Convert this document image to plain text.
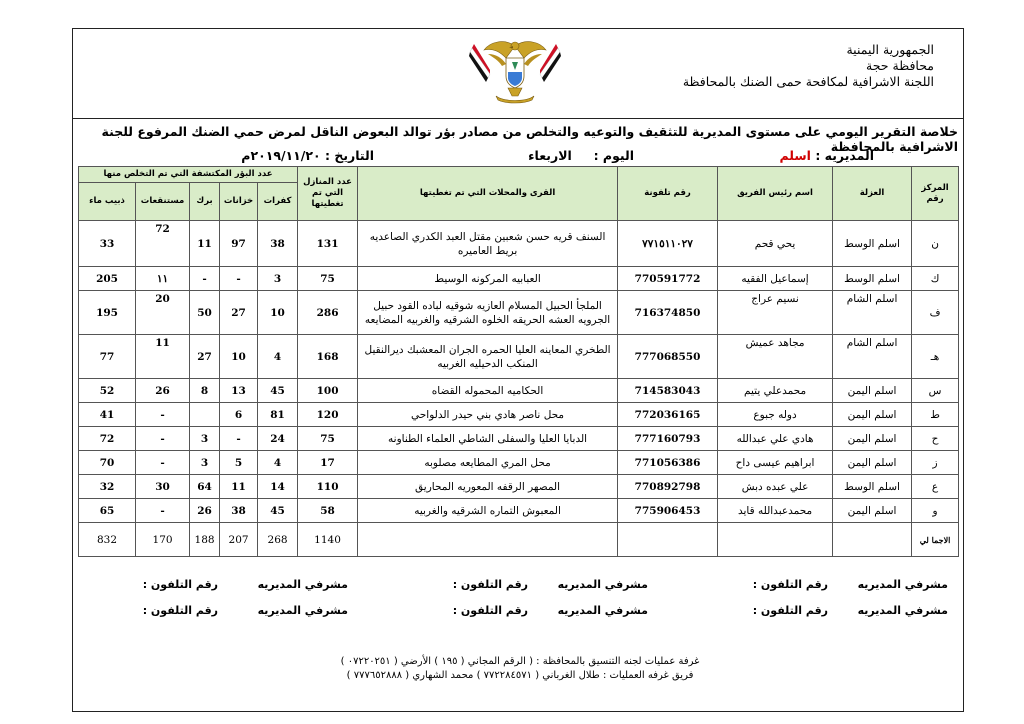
الجمهورية اليمنية
محافظة حجة
اللجنة الاشرافية لمكافحة حمى الضنك بالمحافظة
خلاصة التقرير اليومي على مستوى المديرية للتثقيف والتوعيه والتخلص من مصادر بؤر توالد البعوض الناقل لمرض حمي الضنك المرفوع للجنة الاشرافية بالمحافظة
المديريه : اسلم
اليوم :     الاربعاء
التاريخ : ٢٠١٩/١١/٢٠م
المركز رقم	العزلة	اسم رئيس الفريق	رقم تلفونة	القرى والمحلات التي تم تغطيتها	عدد المنازل التي تم تغطيتها	عدد البؤر المكتشفة التي تم التخلص منها				
						كفرات	خزانات	برك	مستنقعات	ذبيب ماء
ن	اسلم الوسط	يحي قحم	٧٧١٥١١٠٢٧	السنف قريه حسن شعبين مقتل العبد الكدري الصاعديه بريط العاميره	131	38	97	11	72	33
ك	اسلم الوسط	إسماعيل الفقيه	770591772	العبابيه المركونه الوسيط	75	3	-	-	١١	205
ف	اسلم الشام	نسيم عراج	716374850	الملجأ الحبيل المسلام العازيه شوقيه لباده القود حبيل الجرويه العشه الحريقه الخلوه الشرقيه والغربيه المضايعه	286	10	27	50	20	195
هـ	اسلم الشام	مجاهد عميش	777068550	الطخري المعاينه العليا الحمره الجران المعشبك ديرالنقيل المنكب الدحيليه الغربيه	168	4	10	27	11	77
س	اسلم اليمن	محمدعلي يتيم	714583043	الحكاميه المحموله القضاه	100	45	13	8	26	52
ط	اسلم اليمن	دوله جبوع	772036165	محل ناصر هادي بني حيدر الدلواحي	120	81	6		-	41
ح	اسلم اليمن	هادي علي عبدالله	777160793	الدبايا العليا والسفلى الشاطي العلماء الطناونه	75	24	-	3	-	72
ز	اسلم اليمن	ابراهيم عيسى داح	771056386	محل المري المطايعه مصلوبه	17	4	5	3	-	70
ع	اسلم الوسط	علي عبده دبش	770892798	المصهر الرقفه المعوريه المحاريق	110	14	11	64	30	32
و	اسلم اليمن	محمدعبدالله قايد	775906453	المعبوش التماره الشرقيه والغربيه	58	45	38	26	-	65
الاجما لي					1140	268	207	188	170	832
مشرفي المديريه
رقم التلفون :
مشرفي المديريه
رقم التلفون :
مشرفي المديريه
رقم التلفون :
مشرفي المديريه
رقم التلفون :
مشرفي المديريه
رقم التلفون :
مشرفي المديريه
رقم التلفون :
غرفة عمليات لجنه التنسيق بالمحافظة : ( الرقم المجاني ( ١٩٥ ) الأرضي ( ٠٧٢٢٠٢٥١ )
فريق غرفه العمليات : طلال الغرباني ( ٧٧٢٢٨٤٥٧١ ) محمد الشهاري ( ٧٧٧٦٥٢٨٨٨ )
